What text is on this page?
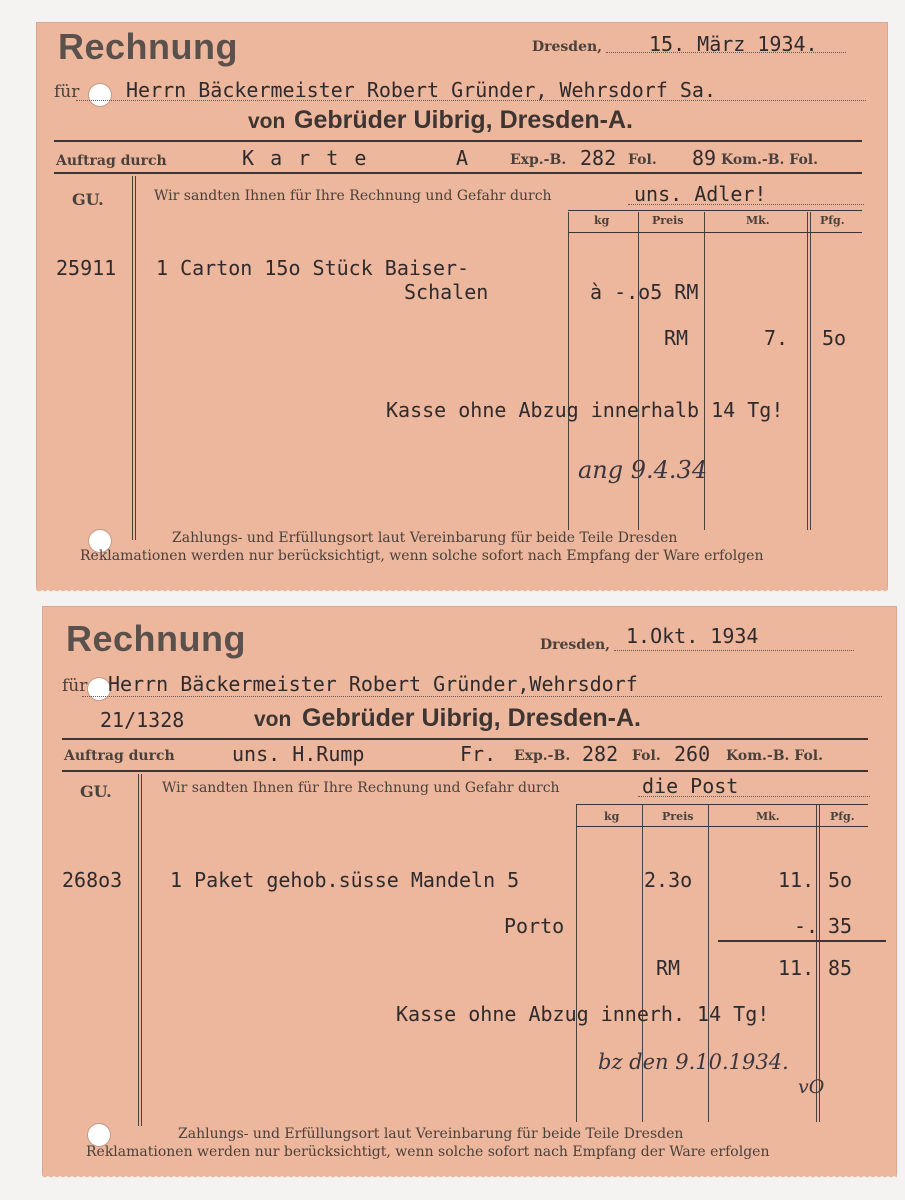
Rechnung	Dresden, 15. März 1934.
für Herrn Bäckermeister Robert Gründer, Wehrsdorf Sa.
von Gebrüder Uibrig, Dresden-A.
Auftrag durch	K a r t e	A	Exp.-B. 282 Fol. 89 Kom.-B. Fol.
GU.	Wir sandten Ihnen für Ihre Rechnung und Gefahr durch	uns. Adler!
kg	Preis	Mk.	Pfg.
25911 1 Carton 15o Stück Baiser-
Schalen	à -.o5 RM
RM	7. 5o
Kasse ohne Abzug innerhalb 14 Tg!
ang 9.4.34
Zahlungs- und Erfüllungsort laut Vereinbarung für beide Teile Dresden
Reklamationen werden nur berücksichtigt, wenn solche sofort nach Empfang der Ware erfolgen
Rechnung	Dresden, 1.Okt. 1934
für Herrn Bäckermeister Robert Gründer,Wehrsdorf
21/1328	von Gebrüder Uibrig, Dresden-A.
Auftrag durch	uns. H.Rump	Fr. Exp.-B. 282 Fol. 260 Kom.-B. Fol.
GU.	Wir sandten Ihnen für Ihre Rechnung und Gefahr durch	die Post
kg	Preis	Mk.	Pfg.
268o3 1 Paket gehob.süsse Mandeln 5	2.3o	11. 5o
Porto	-. 35
RM	11. 85
Kasse ohne Abzug innerh. 14 Tg!
bz den 9.10.1934.
vO
Zahlungs- und Erfüllungsort laut Vereinbarung für beide Teile Dresden
Reklamationen werden nur berücksichtigt, wenn solche sofort nach Empfang der Ware erfolgen
